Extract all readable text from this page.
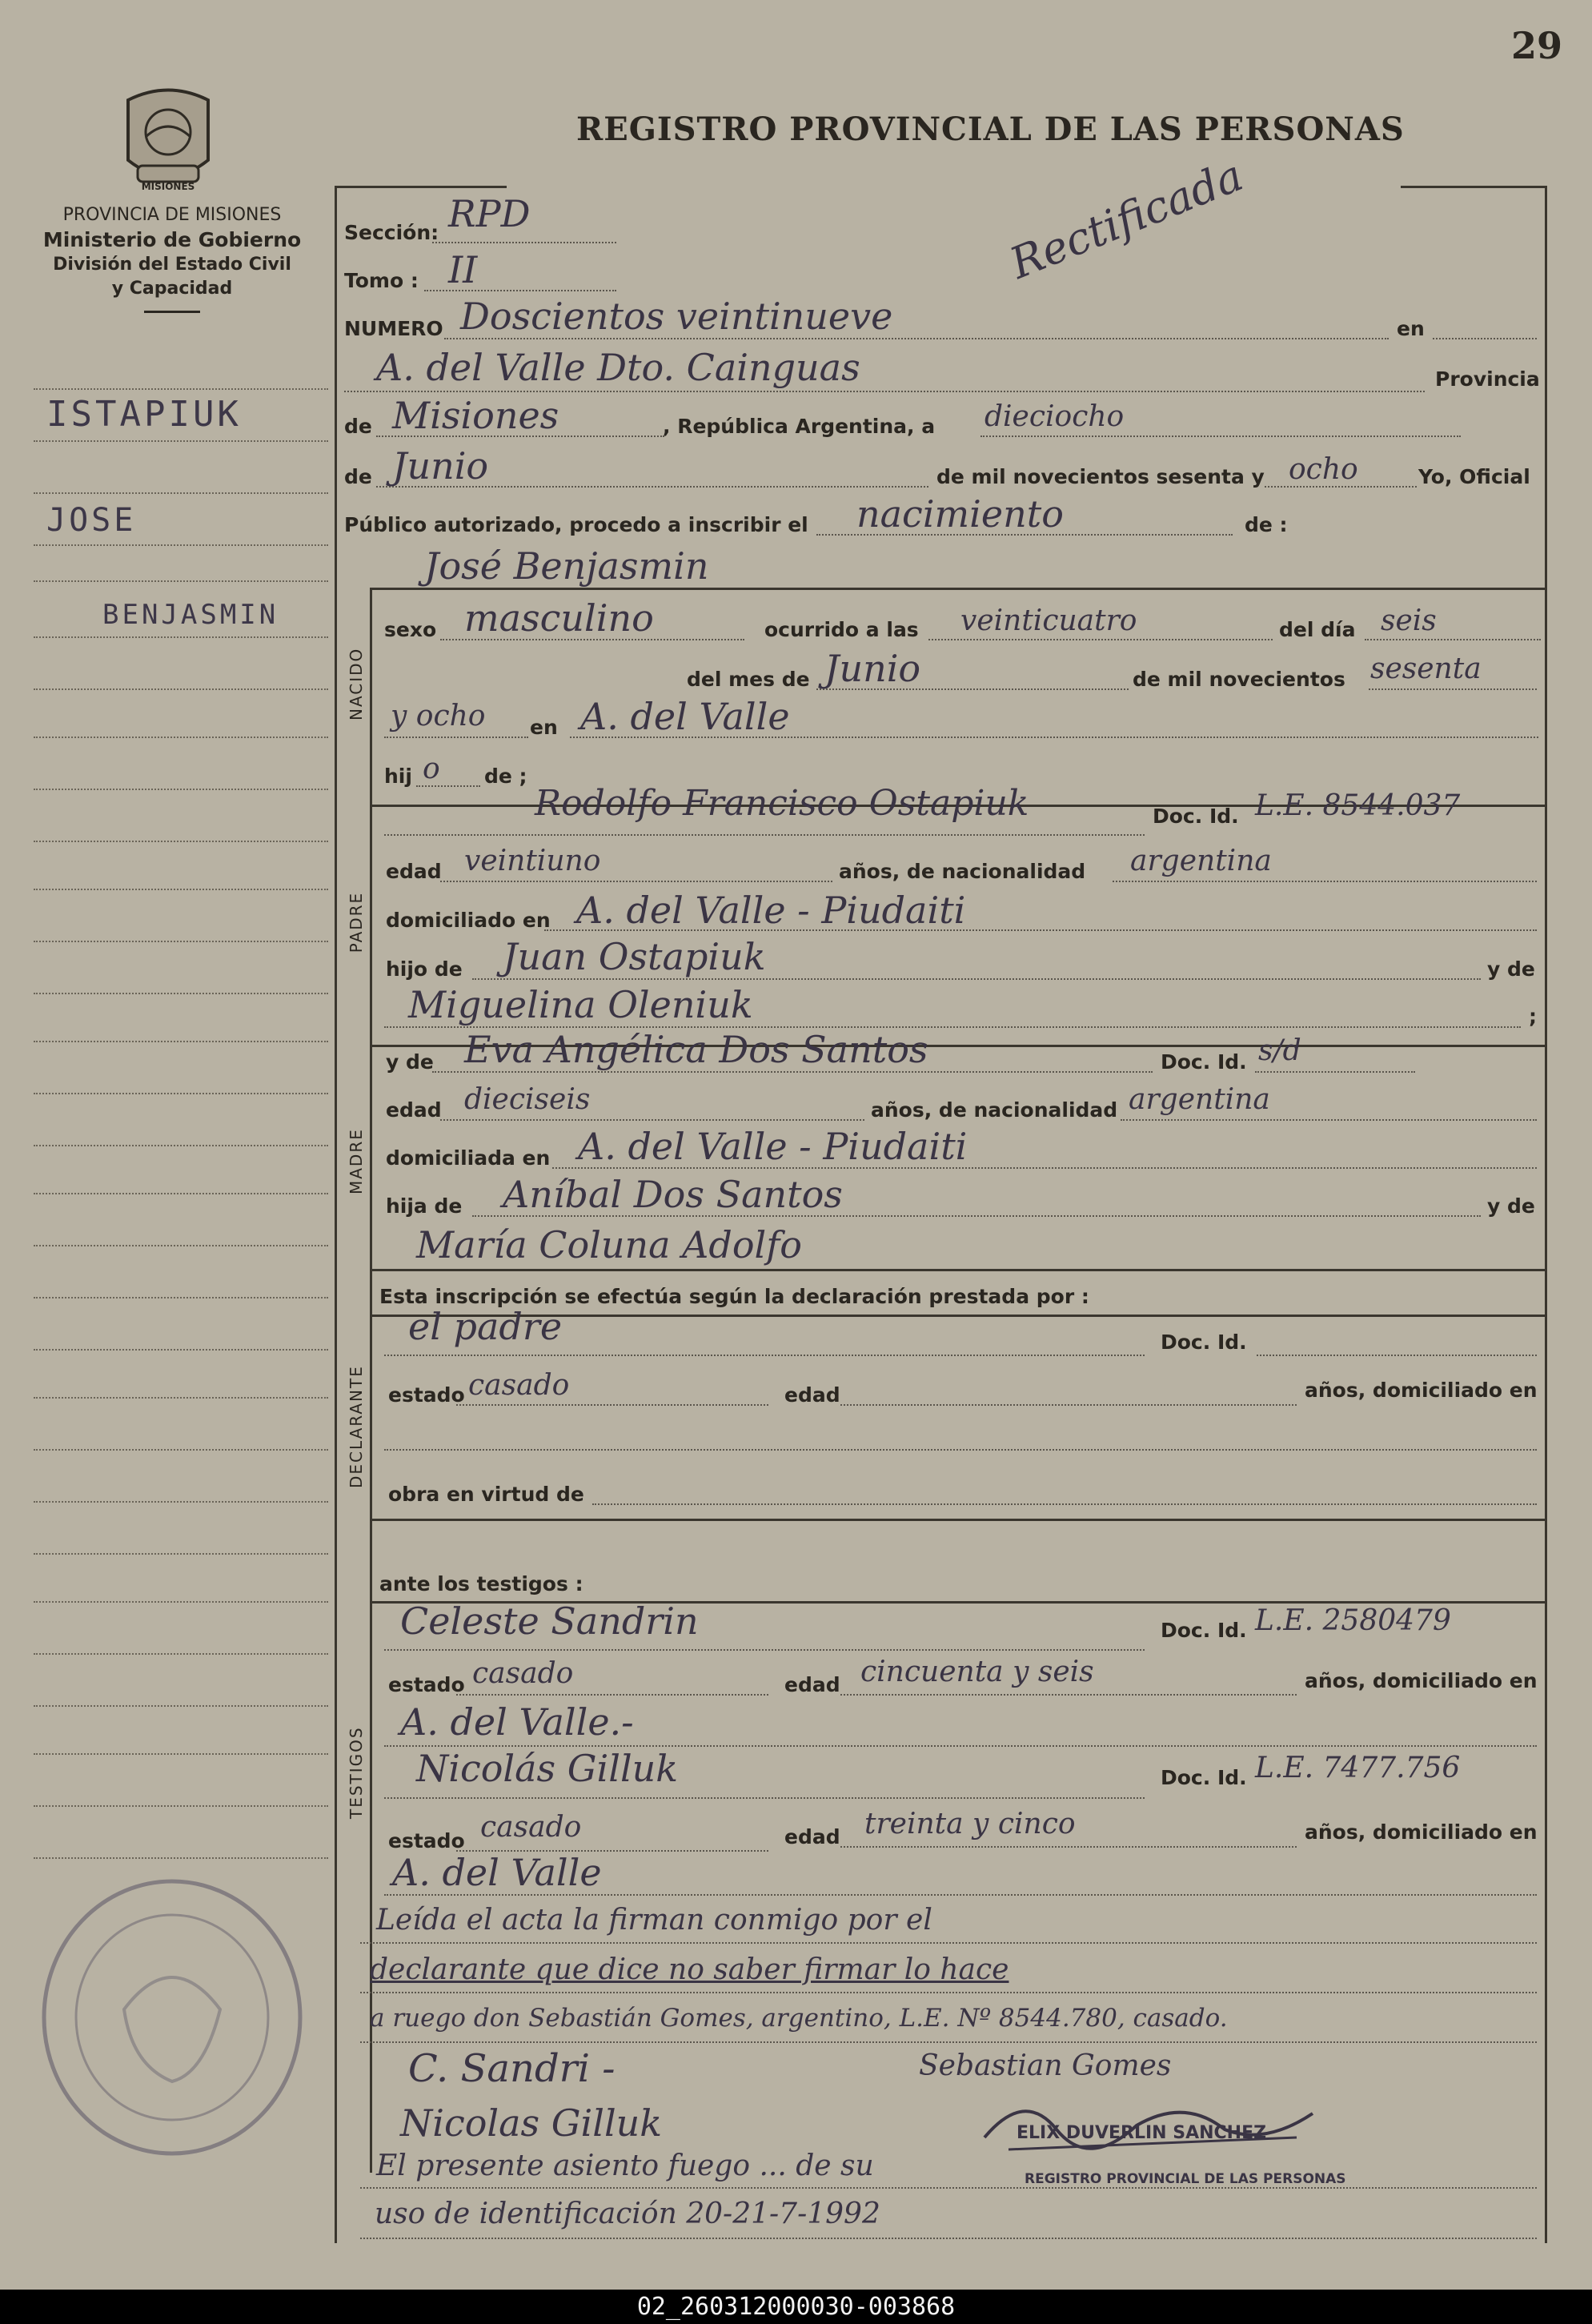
29
MISIONES
PROVINCIA DE MISIONES
Ministerio de Gobierno
División del Estado Civil
y Capacidad
REGISTRO PROVINCIAL DE LAS PERSONAS
ISTAPIUK
JOSE
BENJASMIN
Sección: RPD
Tomo : II	Rectificada
NUMERO Doscientos veintinueve	en
A. del Valle Dto. Cainguas	Provincia
de Misiones	, República Argentina, a dieciocho
de Junio	de mil novecientos sesenta y ocho	Yo, Oficial
Público autorizado, procedo a inscribir el nacimiento	de :
José Benjasmin
NACIDO
sexo masculino	ocurrido a las veinticuatro	del día seis
del mes de Junio	de mil novecientos sesenta
y ocho en A. del Valle
hij o de ;
PADRE
Rodolfo Francisco Ostapiuk	Doc. Id. L.E. 8544.037
edad veintiuno	años, de nacionalidad argentina
domiciliado en A. del Valle - Piudaiti
hijo de Juan Ostapiuk	y de
Miguelina Oleniuk	;
MADRE
y de Eva Angélica Dos Santos	Doc. Id. s/d
edad dieciseis	años, de nacionalidad argentina
domiciliada en A. del Valle - Piudaiti
hija de Aníbal Dos Santos	y de
María Coluna Adolfo
Esta inscripción se efectúa según la declaración prestada por :
DECLARANTE
el padre	Doc. Id.
estado casado	edad	años, domiciliado en
obra en virtud de
ante los testigos :
TESTIGOS
Celeste Sandrin	Doc. Id. L.E. 2580479
estado casado	edad cincuenta y seis	años, domiciliado en
A. del Valle.-
Nicolás Gilluk	Doc. Id. L.E. 7477.756
estado casado	edad treinta y cinco	años, domiciliado en
A. del Valle
Leída el acta la firman conmigo por el
declarante que dice no saber firmar lo hace
a ruego don Sebastián Gomes, argentino, L.E. Nº 8544.780, casado.
C. Sandri -	Sebastian Gomes
Nicolas Gilluk	ELIX DUVERLIN SANCHEZ
REGISTRO PROVINCIAL DE LAS PERSONAS
El presente asiento fuego ... de su
uso de identificación 20-21-7-1992
02_260312000030-003868
